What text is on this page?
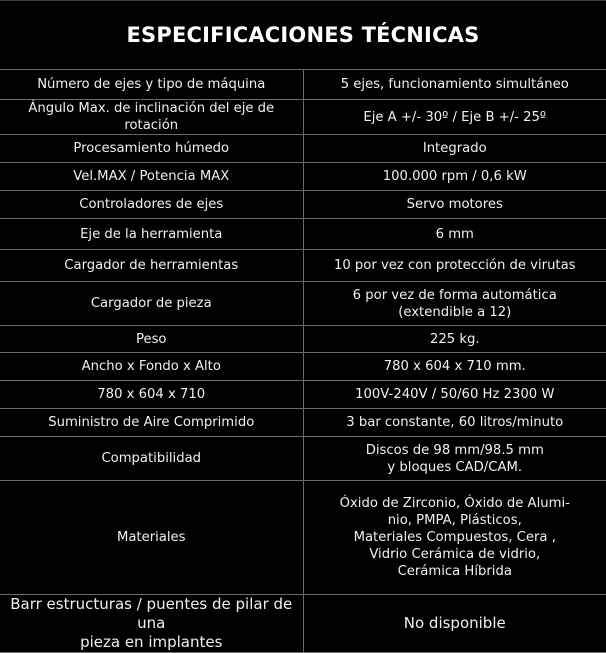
ESPECIFICACIONES TÉCNICAS	
Número de ejes y tipo de máquina	5 ejes, funcionamiento simultáneo
Ángulo Max. de inclinación del eje de rotación	Eje A +/- 30º / Eje B +/- 25º
Procesamiento húmedo	Integrado
Vel.MAX / Potencia MAX	100.000 rpm / 0,6 kW
Controladores de ejes	Servo motores
Eje de la herramienta	6 mm
Cargador de herramientas	10 por vez con protección de virutas
Cargador de pieza	6 por vez de forma automática
(extendible a 12)
Peso	225 kg.
Ancho x Fondo x Alto	780 x 604 x 710 mm.
780 x 604 x 710	100V-240V / 50/60 Hz 2300 W
Suministro de Aire Comprimido	3 bar constante, 60 litros/minuto
Compatibilidad	Discos de 98 mm/98.5 mm
y bloques CAD/CAM.
Materiales	Óxido de Zirconio, Óxido de Alumi-
nio, PMPA, Plásticos,
Materiales Compuestos, Cera ,
Vidrio Cerámica de vidrio,
Cerámica Híbrida
Barr estructuras / puentes de pilar de una
pieza en implantes	No disponible
